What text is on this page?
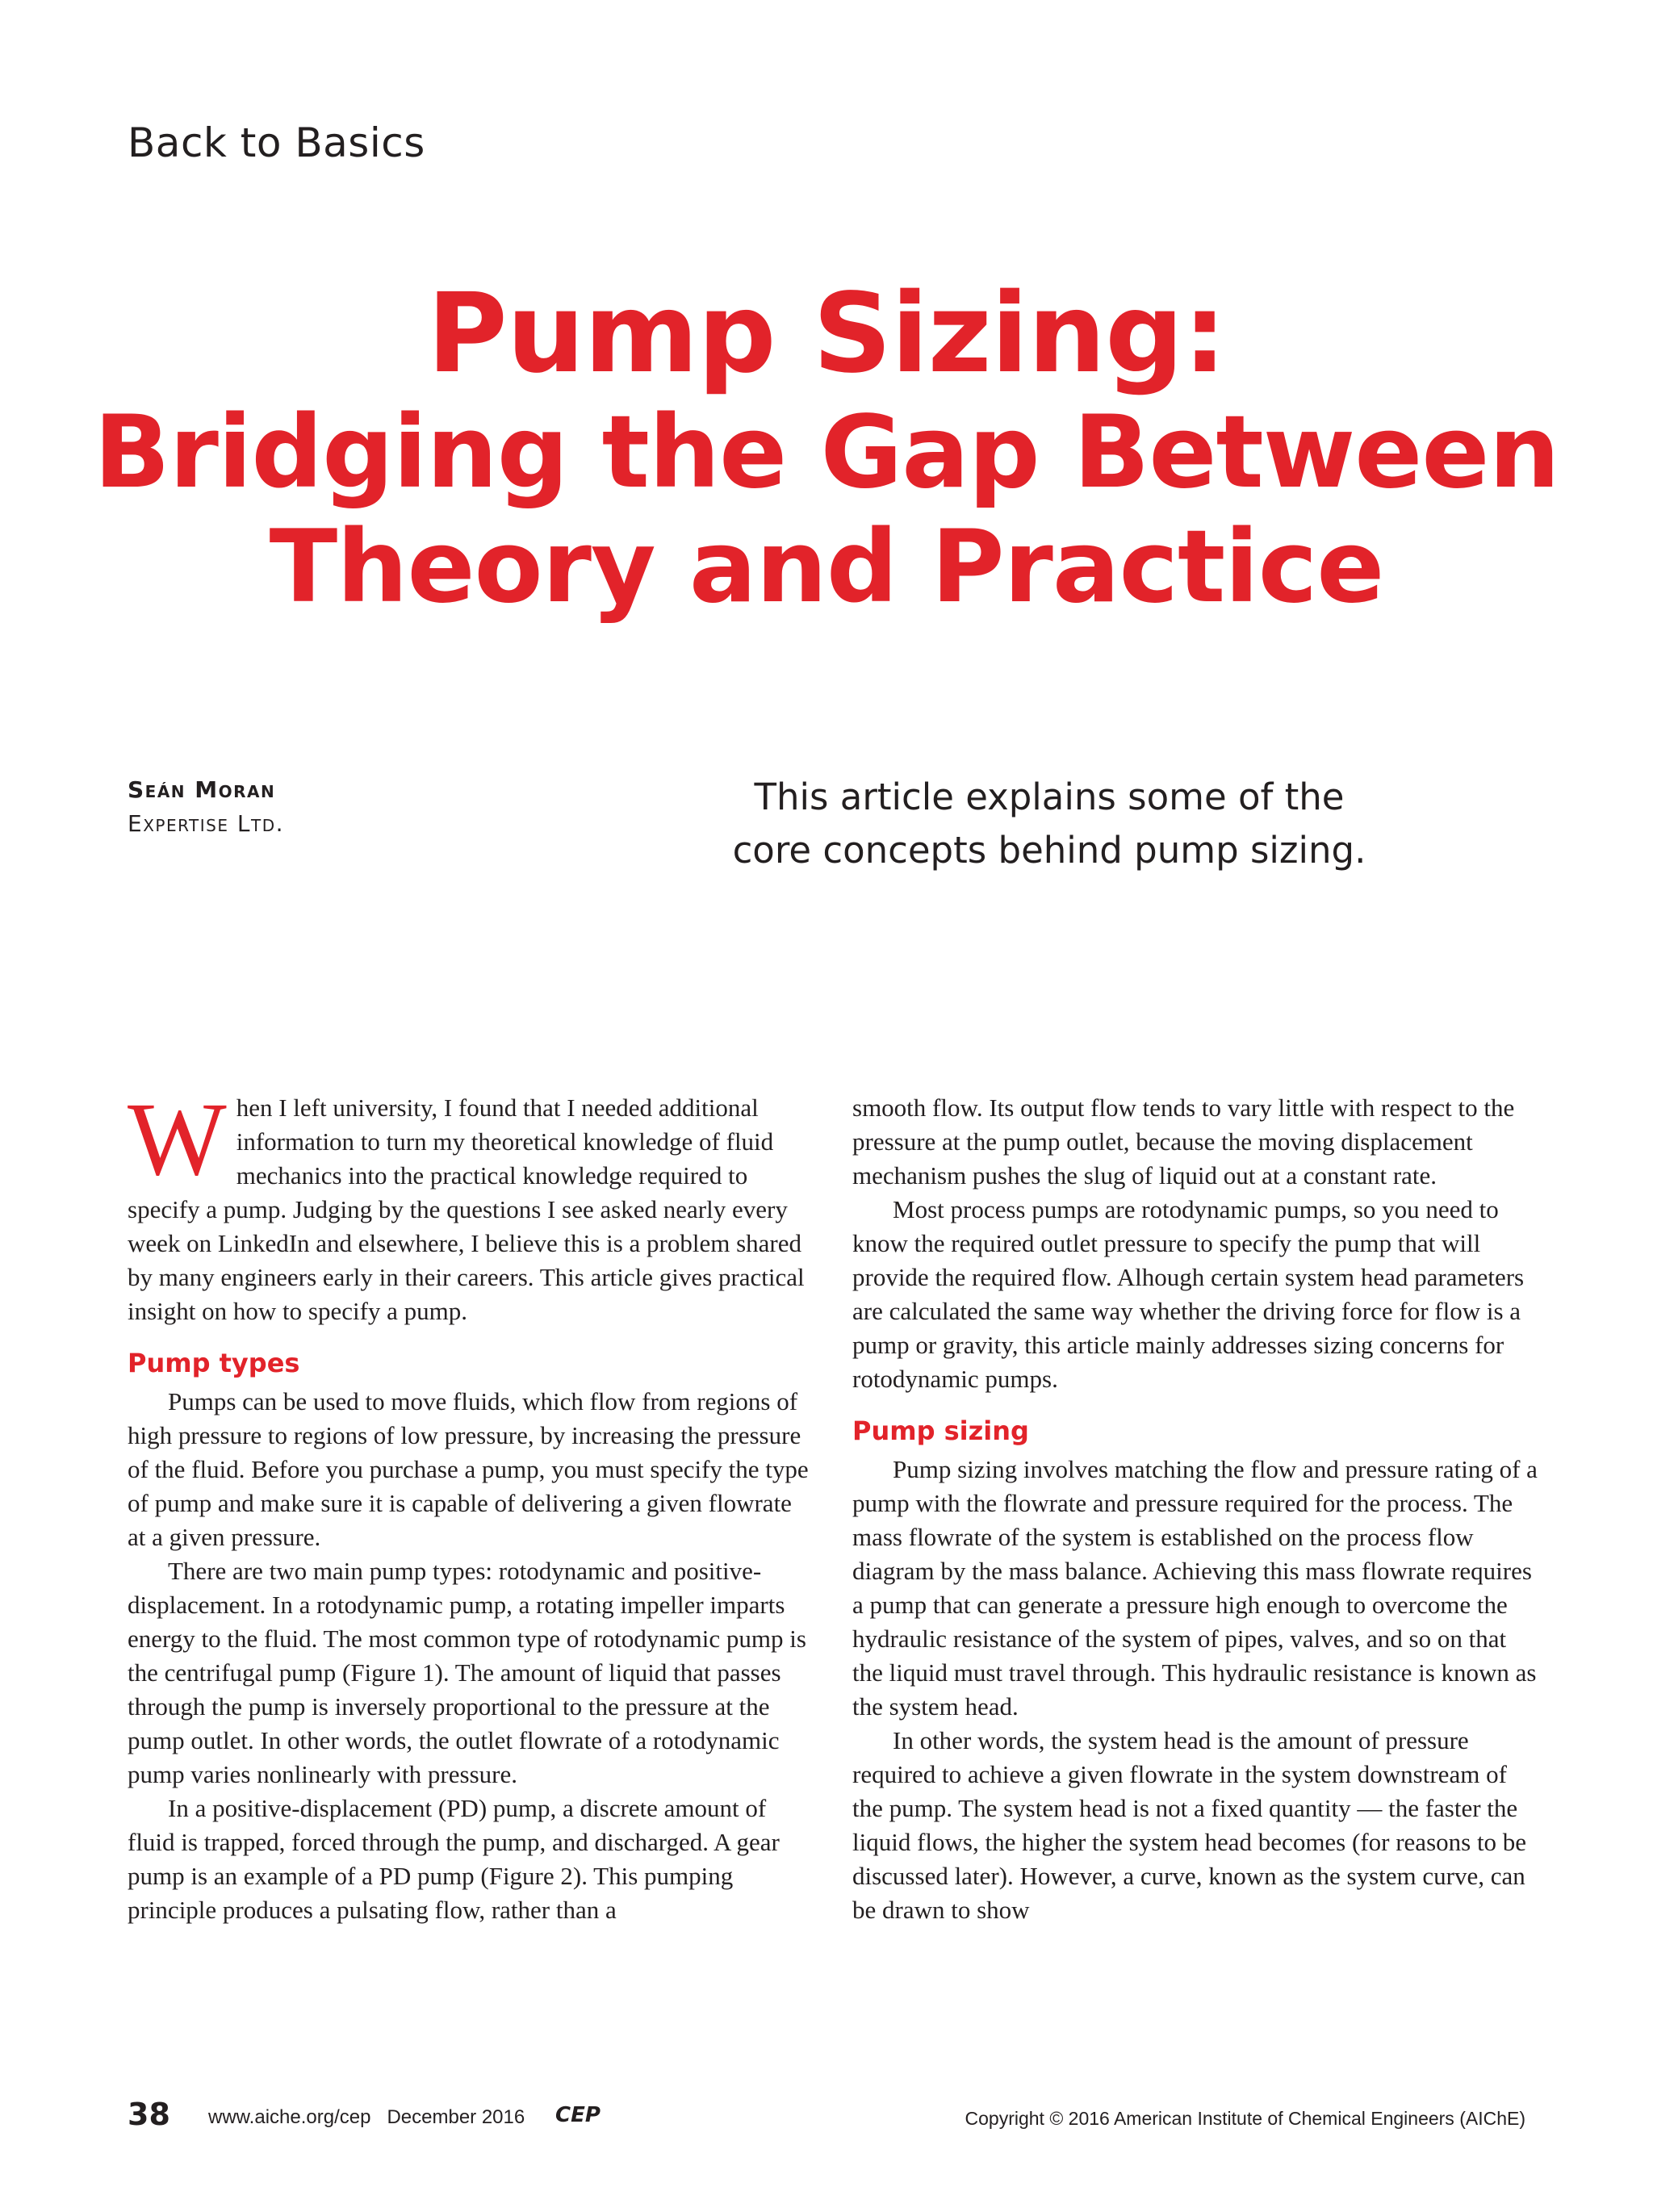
Back to Basics
Pump Sizing:
Bridging the Gap Between
Theory and Practice
Seán Moran
Expertise Ltd.
This article explains some of the
core concepts behind pump sizing.

When I left university, I found that I needed additional information to turn my theoretical knowledge of fluid mechanics into the practical knowledge required to specify a pump. Judging by the questions I see asked nearly every week on LinkedIn and elsewhere, I believe this is a problem shared by many engineers early in their careers. This article gives practical insight on how to specify a pump.

Pump types

Pumps can be used to move fluids, which flow from regions of high pressure to regions of low pressure, by increasing the pressure of the fluid. Before you purchase a pump, you must specify the type of pump and make sure it is capable of delivering a given flowrate at a given pressure.

There are two main pump types: rotodynamic and positive-displacement. In a rotodynamic pump, a rotating impeller imparts energy to the fluid. The most common type of rotodynamic pump is the centrifugal pump (Figure 1). The amount of liquid that passes through the pump is inversely proportional to the pressure at the pump outlet. In other words, the outlet flowrate of a rotodynamic pump varies nonlinearly with pressure.

In a positive-displacement (PD) pump, a discrete amount of fluid is trapped, forced through the pump, and discharged. A gear pump is an example of a PD pump (Figure 2). This pumping principle produces a pulsating flow, rather than a

smooth flow. Its output flow tends to vary little with respect to the pressure at the pump outlet, because the moving displacement mechanism pushes the slug of liquid out at a constant rate.

Most process pumps are rotodynamic pumps, so you need to know the required outlet pressure to specify the pump that will provide the required flow. Alhough certain system head parameters are calculated the same way whether the driving force for flow is a pump or gravity, this article mainly addresses sizing concerns for rotodynamic pumps.

Pump sizing

Pump sizing involves matching the flow and pressure rating of a pump with the flowrate and pressure required for the process. The mass flowrate of the system is established on the process flow diagram by the mass balance. Achieving this mass flowrate requires a pump that can generate a pressure high enough to overcome the hydraulic resistance of the system of pipes, valves, and so on that the liquid must travel through. This hydraulic resistance is known as the system head.

In other words, the system head is the amount of pressure required to achieve a given flowrate in the system downstream of the pump. The system head is not a fixed quantity — the faster the liquid flows, the higher the system head becomes (for reasons to be discussed later). However, a curve, known as the system curve, can be drawn to show

38 www.aiche.org/cep December 2016 CEP	Copyright © 2016 American Institute of Chemical Engineers (AIChE)
